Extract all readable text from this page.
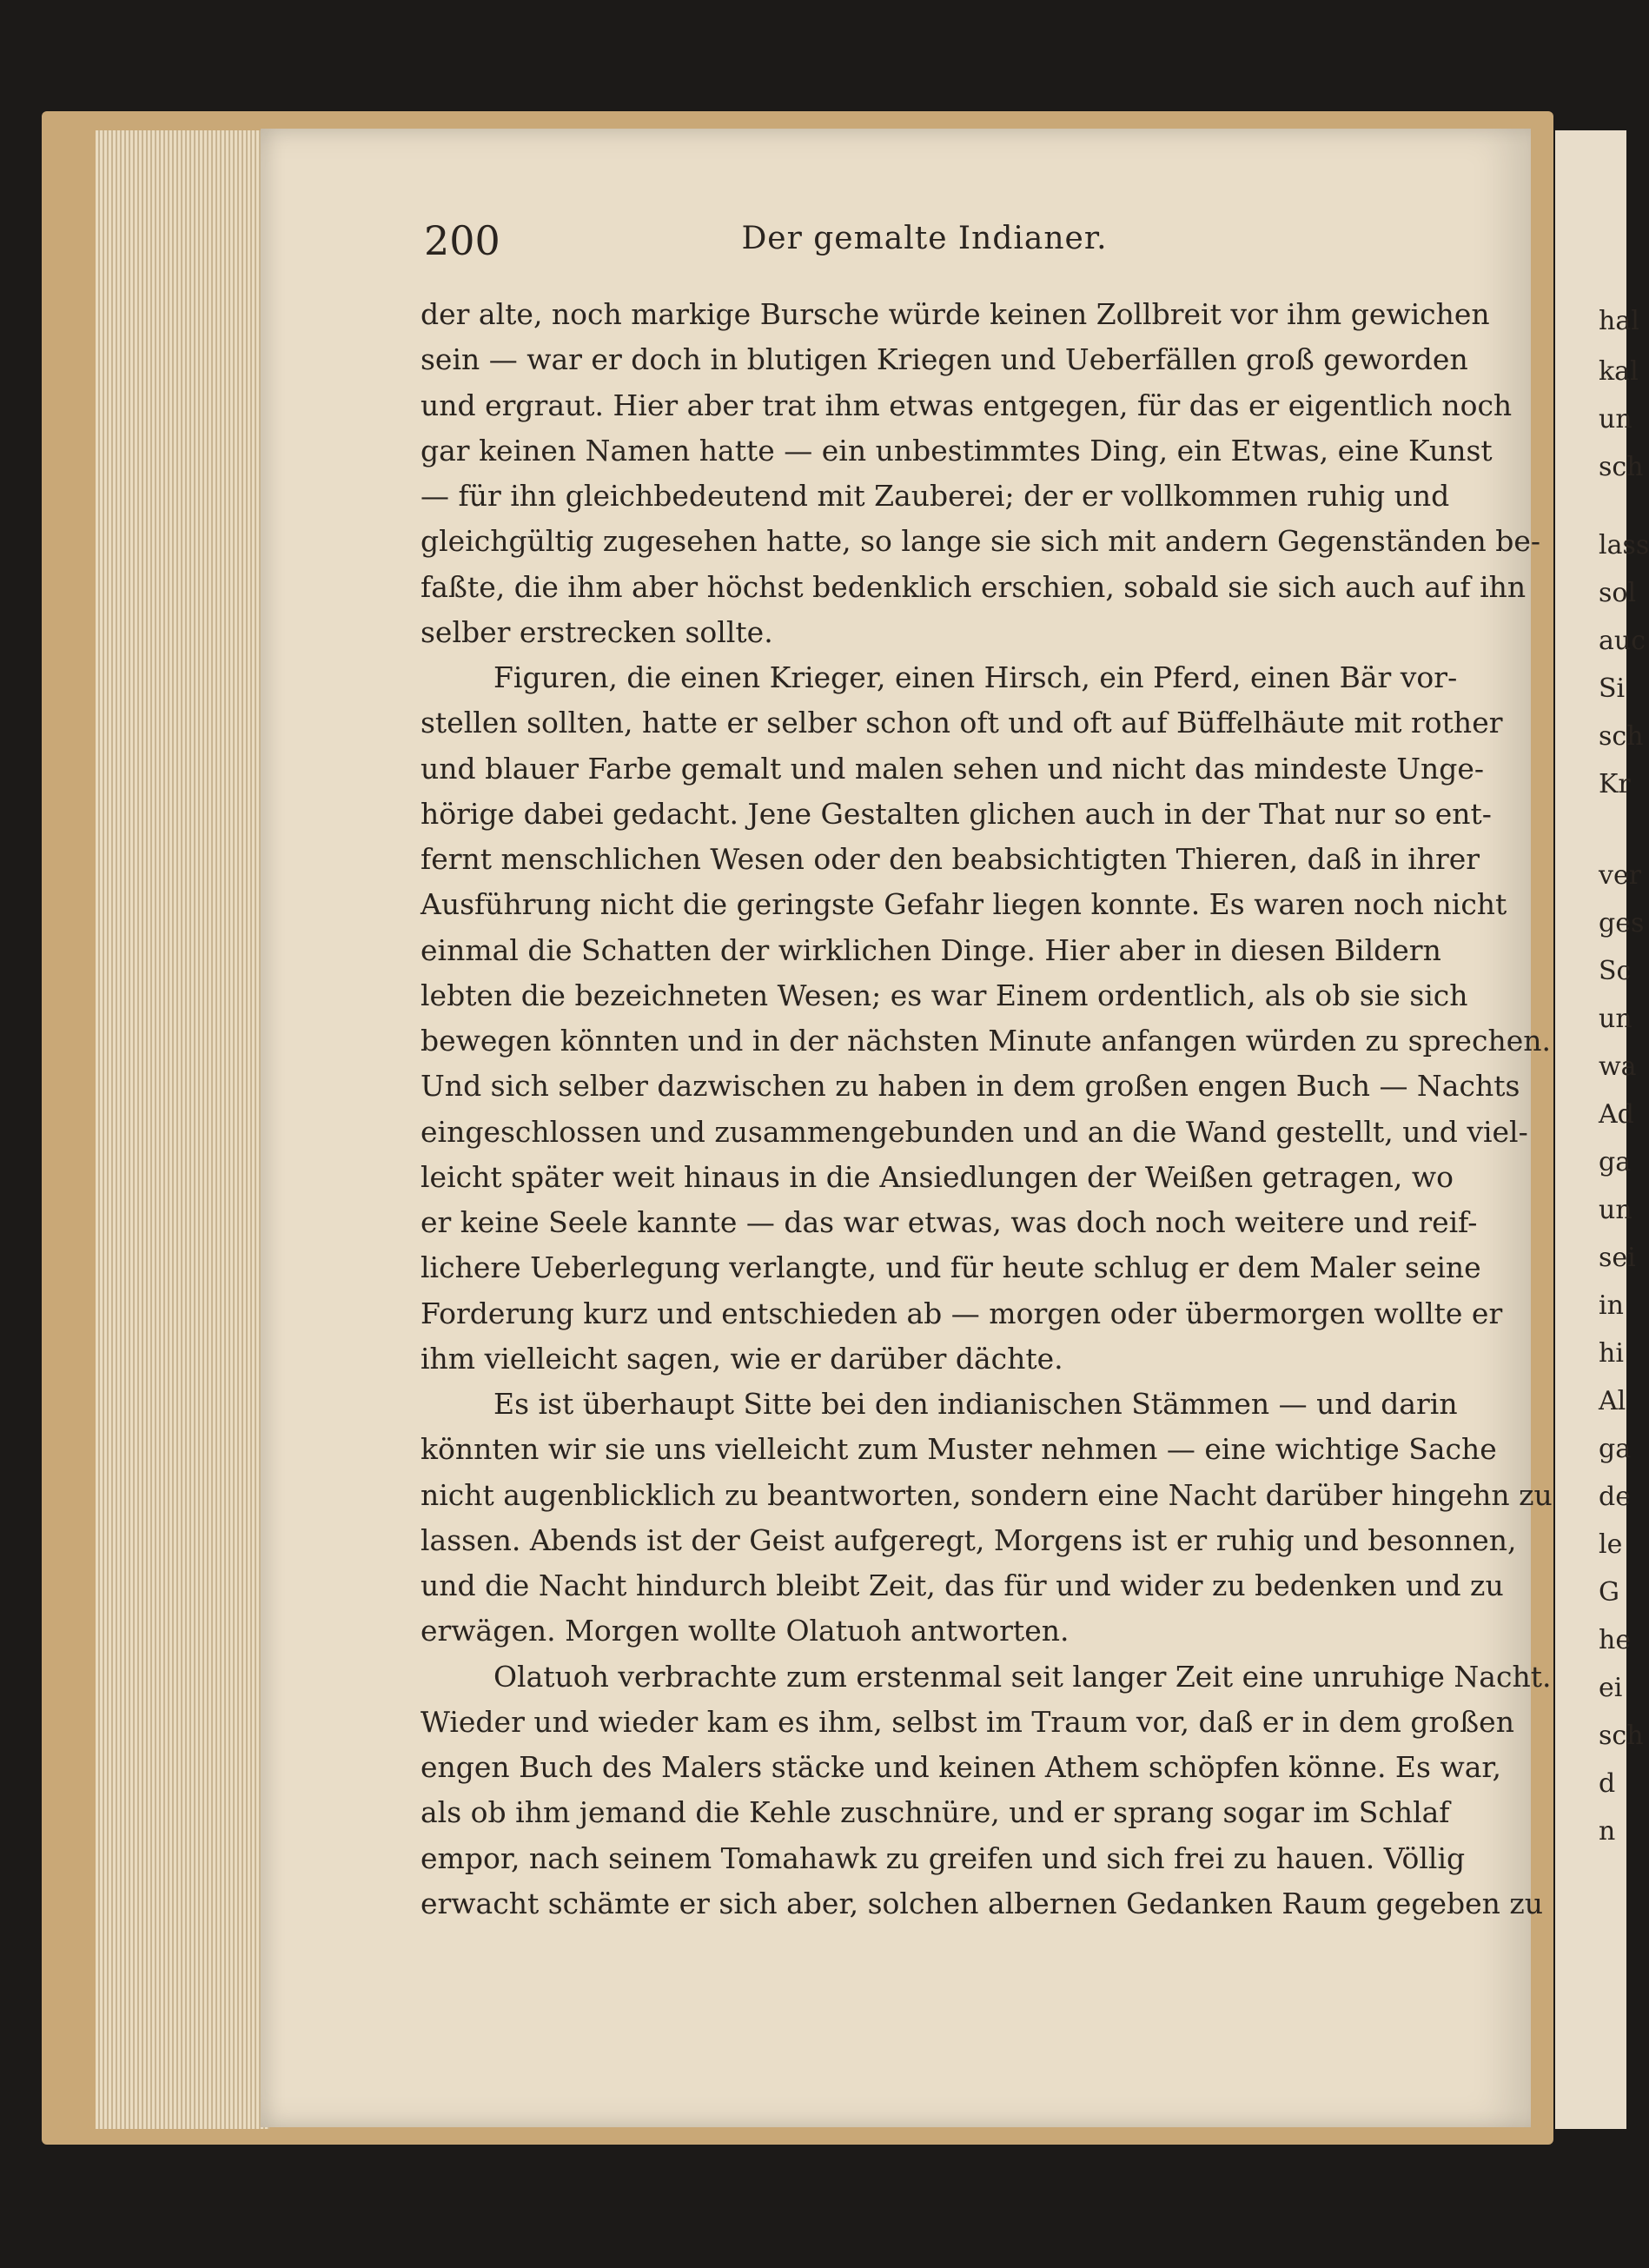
hal
kal
un
sch
lass
sol
auc
Si
sch
Kr
ver
ges
Sc
un
wa
Ad
ga
un
sei
in
hi
Al
ga
de
le
G
he
ei
sch
d
n
200	Der gemalte Indianer.
der alte, noch markige Bursche würde keinen Zollbreit vor ihm gewichen
sein — war er doch in blutigen Kriegen und Ueberfällen groß geworden
und ergraut. Hier aber trat ihm etwas entgegen, für das er eigentlich noch
gar keinen Namen hatte — ein unbestimmtes Ding, ein Etwas, eine Kunst
— für ihn gleichbedeutend mit Zauberei; der er vollkommen ruhig und
gleichgültig zugesehen hatte, so lange sie sich mit andern Gegenständen be-
faßte, die ihm aber höchst bedenklich erschien, sobald sie sich auch auf ihn
selber erstrecken sollte.
Figuren, die einen Krieger, einen Hirsch, ein Pferd, einen Bär vor-
stellen sollten, hatte er selber schon oft und oft auf Büffelhäute mit rother
und blauer Farbe gemalt und malen sehen und nicht das mindeste Unge-
hörige dabei gedacht. Jene Gestalten glichen auch in der That nur so ent-
fernt menschlichen Wesen oder den beabsichtigten Thieren, daß in ihrer
Ausführung nicht die geringste Gefahr liegen konnte. Es waren noch nicht
einmal die Schatten der wirklichen Dinge. Hier aber in diesen Bildern
lebten die bezeichneten Wesen; es war Einem ordentlich, als ob sie sich
bewegen könnten und in der nächsten Minute anfangen würden zu sprechen.
Und sich selber dazwischen zu haben in dem großen engen Buch — Nachts
eingeschlossen und zusammengebunden und an die Wand gestellt, und viel-
leicht später weit hinaus in die Ansiedlungen der Weißen getragen, wo
er keine Seele kannte — das war etwas, was doch noch weitere und reif-
lichere Ueberlegung verlangte, und für heute schlug er dem Maler seine
Forderung kurz und entschieden ab — morgen oder übermorgen wollte er
ihm vielleicht sagen, wie er darüber dächte.
Es ist überhaupt Sitte bei den indianischen Stämmen — und darin
könnten wir sie uns vielleicht zum Muster nehmen — eine wichtige Sache
nicht augenblicklich zu beantworten, sondern eine Nacht darüber hingehn zu
lassen. Abends ist der Geist aufgeregt, Morgens ist er ruhig und besonnen,
und die Nacht hindurch bleibt Zeit, das für und wider zu bedenken und zu
erwägen. Morgen wollte Olatuoh antworten.
Olatuoh verbrachte zum erstenmal seit langer Zeit eine unruhige Nacht.
Wieder und wieder kam es ihm, selbst im Traum vor, daß er in dem großen
engen Buch des Malers stäcke und keinen Athem schöpfen könne. Es war,
als ob ihm jemand die Kehle zuschnüre, und er sprang sogar im Schlaf
empor, nach seinem Tomahawk zu greifen und sich frei zu hauen. Völlig
erwacht schämte er sich aber, solchen albernen Gedanken Raum gegeben zu
